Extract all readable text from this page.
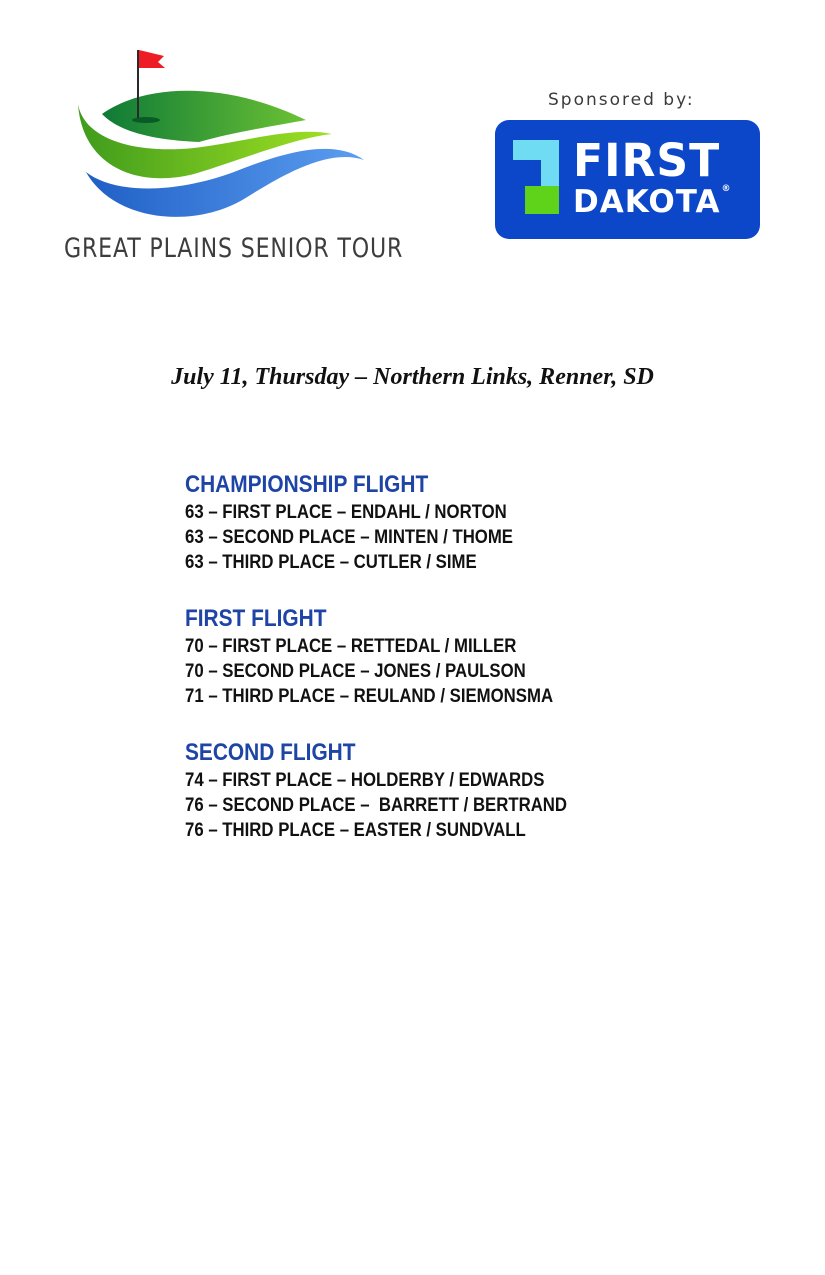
GREAT PLAINS SENIOR TOUR
Sponsored by:
FIRST
DAKOTA®
July 11, Thursday – Northern Links, Renner, SD
CHAMPIONSHIP FLIGHT
63 – FIRST PLACE – ENDAHL / NORTON
63 – SECOND PLACE – MINTEN / THOME
63 – THIRD PLACE – CUTLER / SIME
FIRST FLIGHT
70 – FIRST PLACE – RETTEDAL / MILLER
70 – SECOND PLACE – JONES / PAULSON
71 – THIRD PLACE – REULAND / SIEMONSMA
SECOND FLIGHT
74 – FIRST PLACE – HOLDERBY / EDWARDS
76 – SECOND PLACE –  BARRETT / BERTRAND
76 – THIRD PLACE – EASTER / SUNDVALL
